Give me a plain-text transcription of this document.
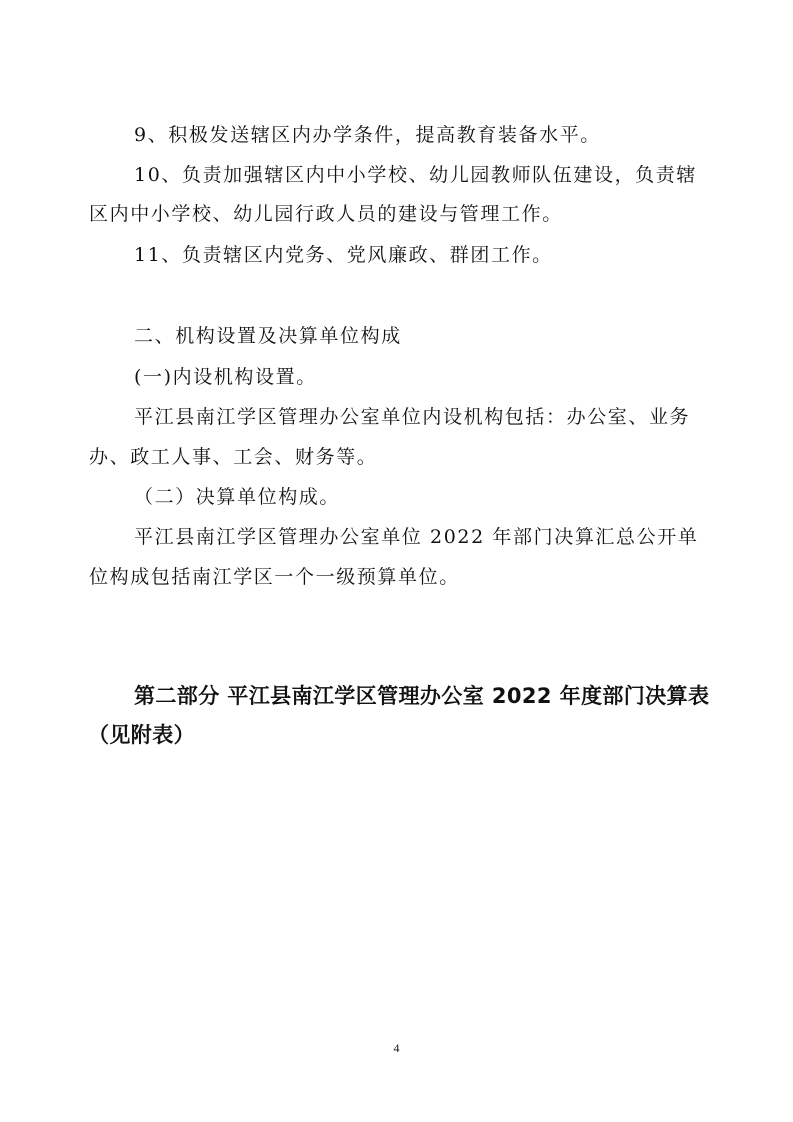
9、积极发送辖区内办学条件，提高教育装备水平。
10、负责加强辖区内中小学校、幼儿园教师队伍建设，负责辖
区内中小学校、幼儿园行政人员的建设与管理工作。
11、负责辖区内党务、党风廉政、群团工作。
二、机构设置及决算单位构成
(一)内设机构设置。
平江县南江学区管理办公室单位内设机构包括：办公室、业务
办、政工人事、工会、财务等。
（二）决算单位构成。
平江县南江学区管理办公室单位 2022 年部门决算汇总公开单
位构成包括南江学区一个一级预算单位。
第二部分 平江县南江学区管理办公室 2022 年度部门决算表
（见附表）
4
